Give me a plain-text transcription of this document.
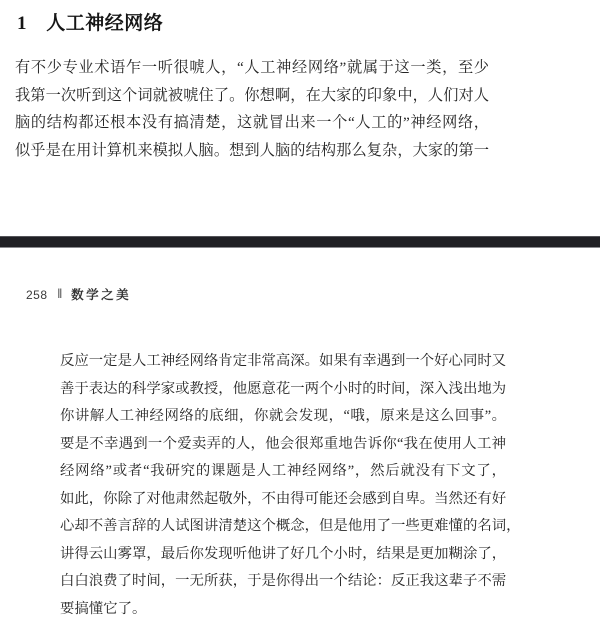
1 人工神经网络
有不少专业术语乍一听很唬人，“人工神经网络”就属于这一类，至少
我第一次听到这个词就被唬住了。你想啊，在大家的印象中，人们对人
脑的结构都还根本没有搞清楚，这就冒出来一个“人工的”神经网络，
似乎是在用计算机来模拟人脑。想到人脑的结构那么复杂，大家的第一
258 ‖ 数学之美
反应一定是人工神经网络肯定非常高深。如果有幸遇到一个好心同时又
善于表达的科学家或教授，他愿意花一两个小时的时间，深入浅出地为
你讲解人工神经网络的底细，你就会发现，“哦，原来是这么回事”。
要是不幸遇到一个爱卖弄的人，他会很郑重地告诉你“我在使用人工神
经网络”或者“我研究的课题是人工神经网络”，然后就没有下文了，
如此，你除了对他肃然起敬外，不由得可能还会感到自卑。当然还有好
心却不善言辞的人试图讲清楚这个概念，但是他用了一些更难懂的名词，
讲得云山雾罩，最后你发现听他讲了好几个小时，结果是更加糊涂了，
白白浪费了时间，一无所获，于是你得出一个结论：反正我这辈子不需
要搞懂它了。
